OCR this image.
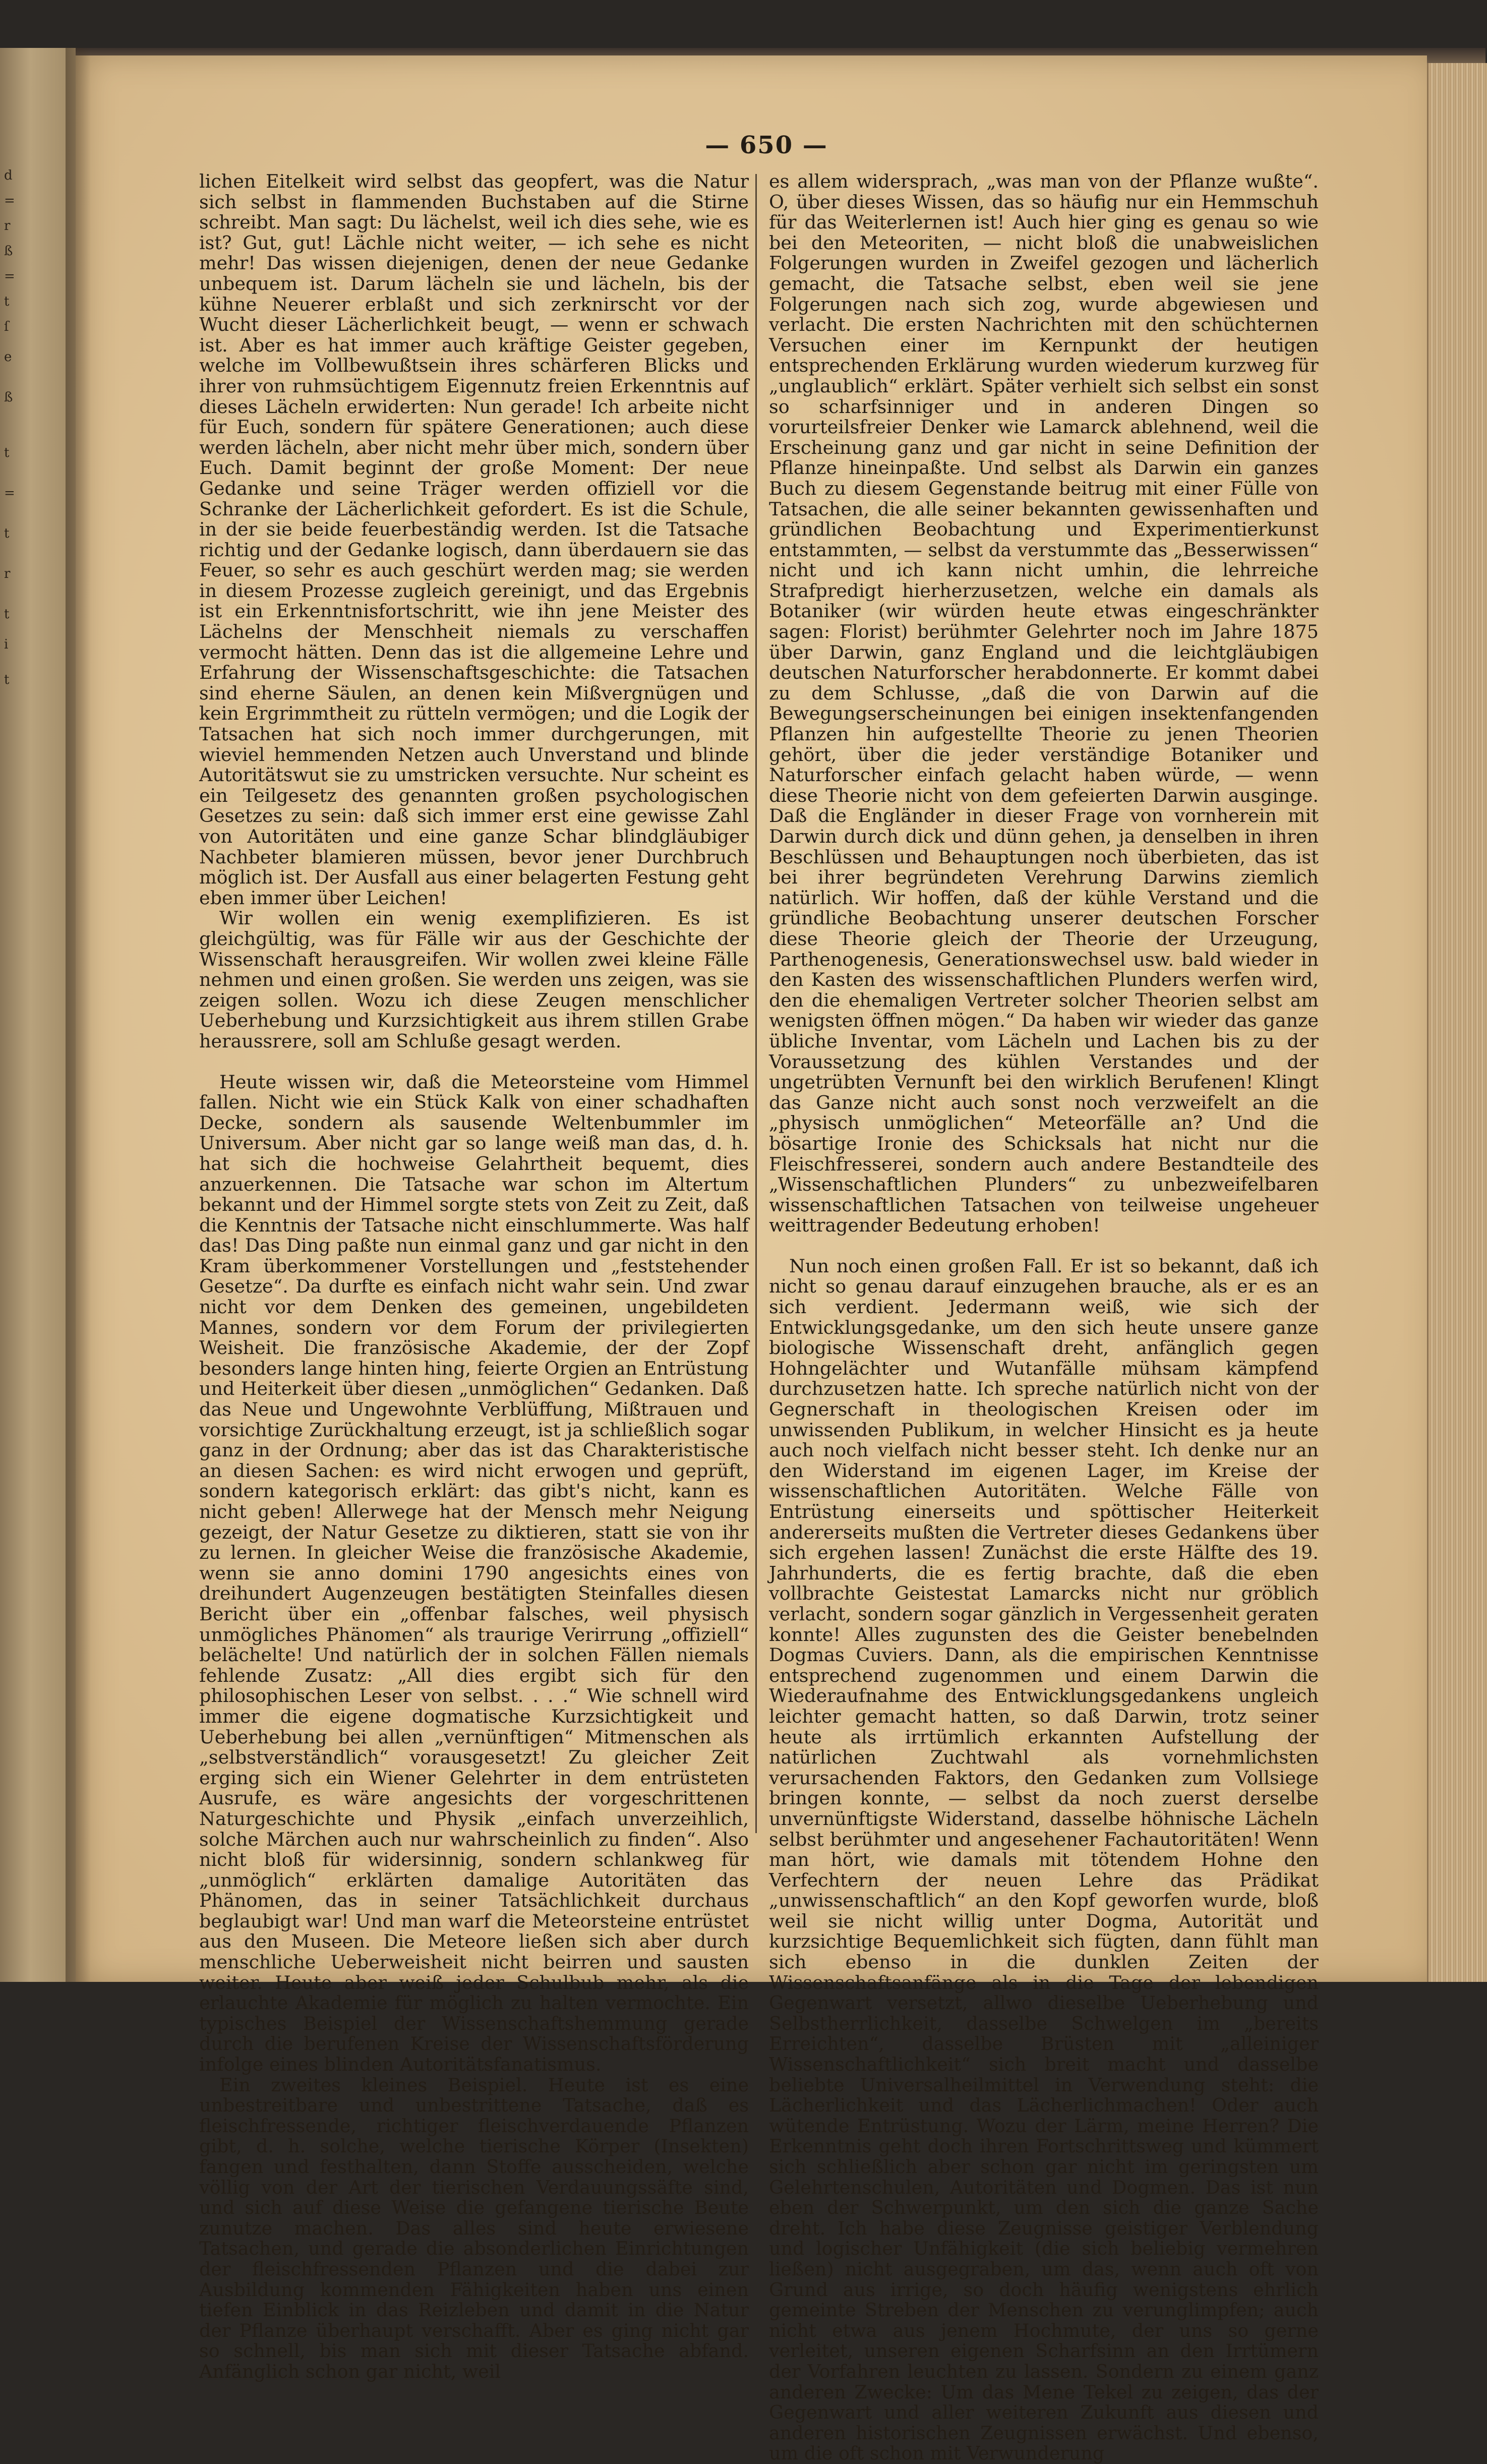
d
=
r
ß
=
t
ſ
e
ß
t
=
t
r
t
i
t
— 650 —

lichen Eitelkeit wird selbst das geopfert, was die Natur sich selbst in flammenden Buchstaben auf die Stirne schreibt. Man sagt: Du lächelst, weil ich dies sehe, wie es ist? Gut, gut! Lächle nicht weiter, — ich sehe es nicht mehr! Das wissen diejenigen, denen der neue Gedanke unbequem ist. Darum lächeln sie und lächeln, bis der kühne Neuerer erblaßt und sich zerknirscht vor der Wucht dieser Lächerlichkeit beugt, — wenn er schwach ist. Aber es hat immer auch kräftige Geister gegeben, welche im Vollbewußtsein ihres schärferen Blicks und ihrer von ruhmsüchtigem Eigennutz freien Erkenntnis auf dieses Lächeln erwiderten: Nun gerade! Ich arbeite nicht für Euch, sondern für spätere Generationen; auch diese werden lächeln, aber nicht mehr über mich, sondern über Euch. Damit beginnt der große Moment: Der neue Gedanke und seine Träger werden offiziell vor die Schranke der Lächerlichkeit gefordert. Es ist die Schule, in der sie beide feuerbeständig werden. Ist die Tatsache richtig und der Gedanke logisch, dann überdauern sie das Feuer, so sehr es auch geschürt werden mag; sie werden in diesem Prozesse zugleich gereinigt, und das Ergebnis ist ein Erkenntnisfortschritt, wie ihn jene Meister des Lächelns der Menschheit niemals zu verschaffen vermocht hätten. Denn das ist die allgemeine Lehre und Erfahrung der Wissenschaftsgeschichte: die Tatsachen sind eherne Säulen, an denen kein Mißvergnügen und kein Ergrimmtheit zu rütteln vermögen; und die Logik der Tatsachen hat sich noch immer durchgerungen, mit wieviel hemmenden Netzen auch Unverstand und blinde Autoritätswut sie zu umstricken versuchte. Nur scheint es ein Teilgesetz des genannten großen psychologischen Gesetzes zu sein: daß sich immer erst eine gewisse Zahl von Autoritäten und eine ganze Schar blindgläubiger Nachbeter blamieren müssen, bevor jener Durchbruch möglich ist. Der Ausfall aus einer belagerten Festung geht eben immer über Leichen!

Wir wollen ein wenig exemplifizieren. Es ist gleichgültig, was für Fälle wir aus der Geschichte der Wissenschaft herausgreifen. Wir wollen zwei kleine Fälle nehmen und einen großen. Sie werden uns zeigen, was sie zeigen sollen. Wozu ich diese Zeugen menschlicher Ueberhebung und Kurzsichtigkeit aus ihrem stillen Grabe heraussrere, soll am Schluße gesagt werden.

Heute wissen wir, daß die Meteorsteine vom Himmel fallen. Nicht wie ein Stück Kalk von einer schadhaften Decke, sondern als sausende Weltenbummler im Universum. Aber nicht gar so lange weiß man das, d. h. hat sich die hochweise Gelahrtheit bequemt, dies anzuerkennen. Die Tatsache war schon im Altertum bekannt und der Himmel sorgte stets von Zeit zu Zeit, daß die Kenntnis der Tatsache nicht einschlummerte. Was half das! Das Ding paßte nun einmal ganz und gar nicht in den Kram überkommener Vorstellungen und „feststehender Gesetze“. Da durfte es einfach nicht wahr sein. Und zwar nicht vor dem Denken des gemeinen, ungebildeten Mannes, sondern vor dem Forum der privilegierten Weisheit. Die französische Akademie, der der Zopf besonders lange hinten hing, feierte Orgien an Entrüstung und Heiterkeit über diesen „unmöglichen“ Gedanken. Daß das Neue und Ungewohnte Verblüffung, Mißtrauen und vorsichtige Zurückhaltung erzeugt, ist ja schließlich sogar ganz in der Ordnung; aber das ist das Charakteristische an diesen Sachen: es wird nicht erwogen und geprüft, sondern kategorisch erklärt: das gibt's nicht, kann es nicht geben! Allerwege hat der Mensch mehr Neigung gezeigt, der Natur Gesetze zu diktieren, statt sie von ihr zu lernen. In gleicher Weise die französische Akademie, wenn sie anno domini 1790 angesichts eines von dreihundert Augenzeugen bestätigten Steinfalles diesen Bericht über ein „offenbar falsches, weil physisch unmögliches Phänomen“ als traurige Verirrung „offiziell“ belächelte! Und natürlich der in solchen Fällen niemals fehlende Zusatz: „All dies ergibt sich für den philosophischen Leser von selbst. . . .“ Wie schnell wird immer die eigene dogmatische Kurzsichtigkeit und Ueberhebung bei allen „vernünftigen“ Mitmenschen als „selbstverständlich“ vorausgesetzt! Zu gleicher Zeit erging sich ein Wiener Gelehrter in dem entrüsteten Ausrufe, es wäre angesichts der vorgeschrittenen Naturgeschichte und Physik „einfach unverzeihlich, solche Märchen auch nur wahrscheinlich zu finden“. Also nicht bloß für widersinnig, sondern schlankweg für „unmöglich“ erklärten damalige Autoritäten das Phänomen, das in seiner Tatsächlichkeit durchaus beglaubigt war! Und man warf die Meteorsteine entrüstet aus den Museen. Die Meteore ließen sich aber durch menschliche Ueberweisheit nicht beirren und sausten weiter. Heute aber weiß jeder Schulbub mehr, als die erlauchte Akademie für möglich zu halten vermochte. Ein typisches Beispiel der Wissenschaftshemmung gerade durch die berufenen Kreise der Wissenschaftsförderung infolge eines blinden Autoritätsfanatismus.

Ein zweites kleines Beispiel. Heute ist es eine unbestreitbare und unbestrittene Tatsache, daß es fleischfressende, richtiger fleischverdauende Pflanzen gibt, d. h. solche, welche tierische Körper (Insekten) fangen und festhalten, dann Stoffe ausscheiden, welche völlig von der Art der tierischen Verdauungssäfte sind, und sich auf diese Weise die gefangene tierische Beute zunutze machen. Das alles sind heute erwiesene Tatsachen, und gerade die absonderlichen Einrichtungen der fleischfressenden Pflanzen und die dabei zur Ausbildung kommenden Fähigkeiten haben uns einen tiefen Einblick in das Reizleben und damit in die Natur der Pflanze überhaupt verschafft. Aber es ging nicht gar so schnell, bis man sich mit dieser Tatsache abfand. Anfänglich schon gar nicht, weil

es allem widersprach, „was man von der Pflanze wußte“. O, über dieses Wissen, das so häufig nur ein Hemmschuh für das Weiterlernen ist! Auch hier ging es genau so wie bei den Meteoriten, — nicht bloß die unabweislichen Folgerungen wurden in Zweifel gezogen und lächerlich gemacht, die Tatsache selbst, eben weil sie jene Folgerungen nach sich zog, wurde abgewiesen und verlacht. Die ersten Nachrichten mit den schüchternen Versuchen einer im Kernpunkt der heutigen entsprechenden Erklärung wurden wiederum kurzweg für „unglaublich“ erklärt. Später verhielt sich selbst ein sonst so scharfsinniger und in anderen Dingen so vorurteilsfreier Denker wie Lamarck ablehnend, weil die Erscheinung ganz und gar nicht in seine Definition der Pflanze hineinpaßte. Und selbst als Darwin ein ganzes Buch zu diesem Gegenstande beitrug mit einer Fülle von Tatsachen, die alle seiner bekannten gewissenhaften und gründlichen Beobachtung und Experimentierkunst entstammten, — selbst da verstummte das „Besserwissen“ nicht und ich kann nicht umhin, die lehrreiche Strafpredigt hierherzusetzen, welche ein damals als Botaniker (wir würden heute etwas eingeschränkter sagen: Florist) berühmter Gelehrter noch im Jahre 1875 über Darwin, ganz England und die leichtgläubigen deutschen Naturforscher herabdonnerte. Er kommt dabei zu dem Schlusse, „daß die von Darwin auf die Bewegungserscheinungen bei einigen insektenfangenden Pflanzen hin aufgestellte Theorie zu jenen Theorien gehört, über die jeder verständige Botaniker und Naturforscher einfach gelacht haben würde, — wenn diese Theorie nicht von dem gefeierten Darwin ausginge. Daß die Engländer in dieser Frage von vornherein mit Darwin durch dick und dünn gehen, ja denselben in ihren Beschlüssen und Behauptungen noch überbieten, das ist bei ihrer begründeten Verehrung Darwins ziemlich natürlich. Wir hoffen, daß der kühle Verstand und die gründliche Beobachtung unserer deutschen Forscher diese Theorie gleich der Theorie der Urzeugung, Parthenogenesis, Generationswechsel usw. bald wieder in den Kasten des wissenschaftlichen Plunders werfen wird, den die ehemaligen Vertreter solcher Theorien selbst am wenigsten öffnen mögen.“ Da haben wir wieder das ganze übliche Inventar, vom Lächeln und Lachen bis zu der Voraussetzung des kühlen Verstandes und der ungetrübten Vernunft bei den wirklich Berufenen! Klingt das Ganze nicht auch sonst noch verzweifelt an die „physisch unmöglichen“ Meteorfälle an? Und die bösartige Ironie des Schicksals hat nicht nur die Fleischfresserei, sondern auch andere Bestandteile des „Wissenschaftlichen Plunders“ zu unbezweifelbaren wissenschaftlichen Tatsachen von teilweise ungeheuer weittragender Bedeutung erhoben!

Nun noch einen großen Fall. Er ist so bekannt, daß ich nicht so genau darauf einzugehen brauche, als er es an sich verdient. Jedermann weiß, wie sich der Entwicklungsgedanke, um den sich heute unsere ganze biologische Wissenschaft dreht, anfänglich gegen Hohngelächter und Wutanfälle mühsam kämpfend durchzusetzen hatte. Ich spreche natürlich nicht von der Gegnerschaft in theologischen Kreisen oder im unwissenden Publikum, in welcher Hinsicht es ja heute auch noch vielfach nicht besser steht. Ich denke nur an den Widerstand im eigenen Lager, im Kreise der wissenschaftlichen Autoritäten. Welche Fälle von Entrüstung einerseits und spöttischer Heiterkeit andererseits mußten die Vertreter dieses Gedankens über sich ergehen lassen! Zunächst die erste Hälfte des 19. Jahrhunderts, die es fertig brachte, daß die eben vollbrachte Geistestat Lamarcks nicht nur gröblich verlacht, sondern sogar gänzlich in Vergessenheit geraten konnte! Alles zugunsten des die Geister benebelnden Dogmas Cuviers. Dann, als die empirischen Kenntnisse entsprechend zugenommen und einem Darwin die Wiederaufnahme des Entwicklungsgedankens ungleich leichter gemacht hatten, so daß Darwin, trotz seiner heute als irrtümlich erkannten Aufstellung der natürlichen Zuchtwahl als vornehmlichsten verursachenden Faktors, den Gedanken zum Vollsiege bringen konnte, — selbst da noch zuerst derselbe unvernünftigste Widerstand, dasselbe höhnische Lächeln selbst berühmter und angesehener Fachautoritäten! Wenn man hört, wie damals mit tötendem Hohne den Verfechtern der neuen Lehre das Prädikat „unwissenschaftlich“ an den Kopf geworfen wurde, bloß weil sie nicht willig unter Dogma, Autorität und kurzsichtige Bequemlichkeit sich fügten, dann fühlt man sich ebenso in die dunklen Zeiten der Wissenschaftsanfänge als in die Tage der lebendigen Gegenwart versetzt, allwo dieselbe Ueberhebung und Selbstherrlichkeit, dasselbe Schwelgen im „bereits Erreichten“, dasselbe Brüsten mit „alleiniger Wissenschaftlichkeit“ sich breit macht und dasselbe beliebte Universalheilmittel in Verwendung steht: die Lächerlichkeit und das Lächerlichmachen! Oder auch wütende Entrüstung. Wozu der Lärm, meine Herren? Die Erkenntnis geht doch ihren Fortschrittsweg und kümmert sich schließlich aber schon gar nicht im geringsten um Gelehrtenschulen, Autoritäten und Dogmen. Das ist nun eben der Schwerpunkt, um den sich die ganze Sache dreht. Ich habe diese Zeugnisse geistiger Verblendung und logischer Unfähigkeit (die sich beliebig vermehren ließen) nicht ausgegraben, um das, wenn auch oft von Grund aus irrige, so doch häufig wenigstens ehrlich gemeinte Streben der Menschen zu verunglimpfen; auch nicht etwa aus jenem Hochmute, der uns so gerne verleitet, unseren eigenen Scharfsinn an den Irrtümern der Vorfahren leuchten zu lassen. Sondern zu einem ganz anderen Zwecke: Um das Mene Tekel zu zeigen, das der Gegenwart und aller weiteren Zukunft aus diesen und anderen historischen Zeugnissen erwächst. Und ebenso, um die oft schon mit Verwunderung
